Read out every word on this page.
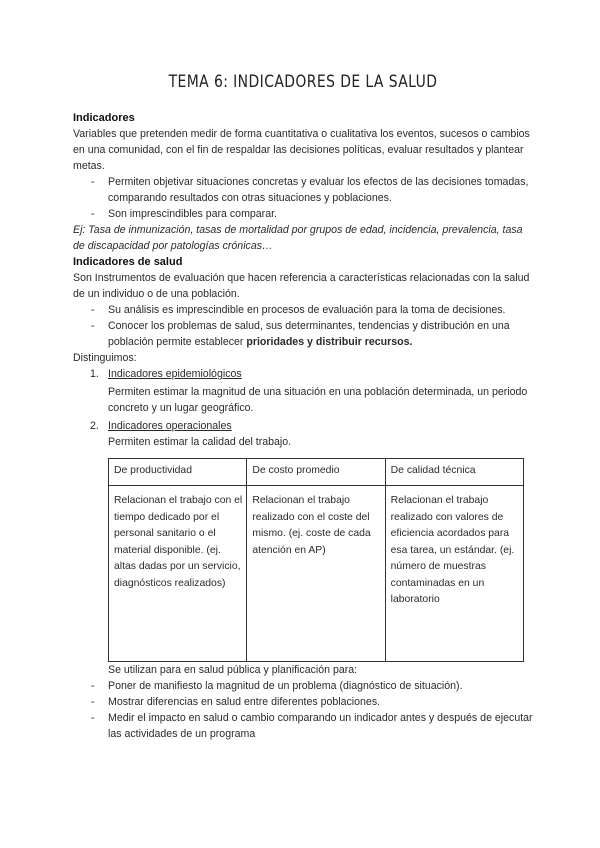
TEMA 6: INDICADORES DE LA SALUD

Indicadores

Variables que pretenden medir de forma cuantitativa o cualitativa los eventos, sucesos o cambios en una comunidad, con el fin de respaldar las decisiones políticas, evaluar resultados y plantear metas.

- Permiten objetivar situaciones concretas y evaluar los efectos de las decisiones tomadas, comparando resultados con otras situaciones y poblaciones.
- Son imprescindibles para comparar.

Ej: Tasa de inmunización, tasas de mortalidad por grupos de edad, incidencia, prevalencia, tasa de discapacidad por patologías crónicas…

Indicadores de salud

Son Instrumentos de evaluación que hacen referencia a características relacionadas con la salud de un individuo o de una población.

- Su análisis es imprescindible en procesos de evaluación para la toma de decisiones.
- Conocer los problemas de salud, sus determinantes, tendencias y distribución en una población permite establecer prioridades y distribuir recursos.

Distinguimos:

1. Indicadores epidemiológicos

Permiten estimar la magnitud de una situación en una población determinada, un periodo concreto y un lugar geográfico.

2. Indicadores operacionales

Permiten estimar la calidad del trabajo.

De productividad	De costo promedio	De calidad técnica
Relacionan el trabajo con el tiempo dedicado por el personal sanitario o el material disponible. (ej. altas dadas por un servicio, diagnósticos realizados)	Relacionan el trabajo realizado con el coste del mismo. (ej. coste de cada atención en AP)	Relacionan el trabajo realizado con valores de eficiencia acordados para esa tarea, un estándar. (ej. número de muestras contaminadas en un laboratorio

Se utilizan para en salud pública y planificación para:

- Poner de manifiesto la magnitud de un problema (diagnóstico de situación).
- Mostrar diferencias en salud entre diferentes poblaciones.
- Medir el impacto en salud o cambio comparando un indicador antes y después de ejecutar las actividades de un programa
